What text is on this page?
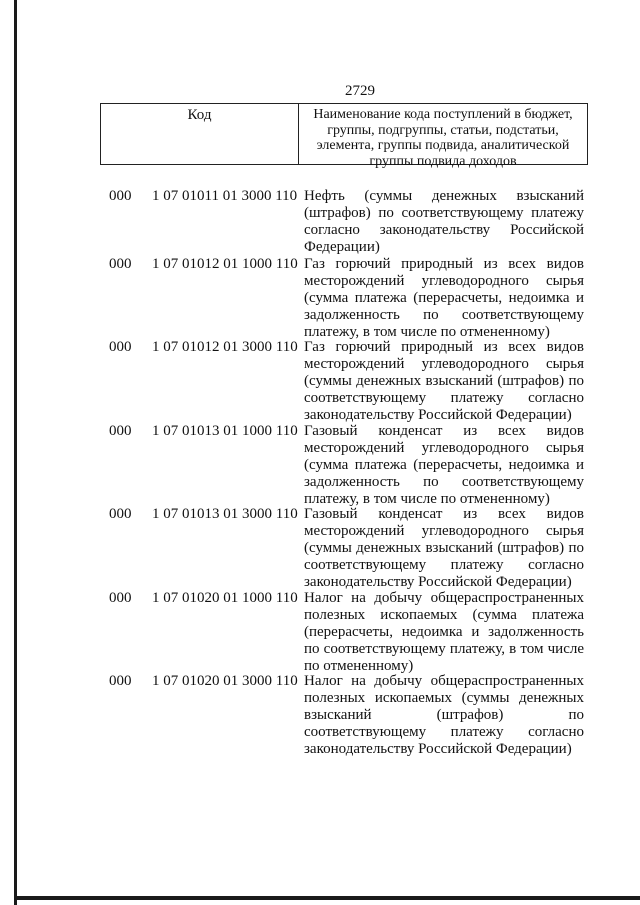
2729
Код	Наименование кода поступлений в бюджет, группы, подгруппы, статьи, подстатьи, элемента, группы подвида, аналитической группы подвида доходов
000 1 07 01011 01 3000 110 Нефть (суммы денежных взысканий (штрафов) по соответствующему платежу согласно законодательству Российской Федерации)
000 1 07 01012 01 1000 110 Газ горючий природный из всех видов месторождений углеводородного сырья (сумма платежа (перерасчеты, недоимка и задолженность по соответствующему платежу, в том числе по отмененному)
000 1 07 01012 01 3000 110 Газ горючий природный из всех видов месторождений углеводородного сырья (суммы денежных взысканий (штрафов) по соответствующему платежу согласно законодательству Российской Федерации)
000 1 07 01013 01 1000 110 Газовый конденсат из всех видов месторождений углеводородного сырья (сумма платежа (перерасчеты, недоимка и задолженность по соответствующему платежу, в том числе по отмененному)
000 1 07 01013 01 3000 110 Газовый конденсат из всех видов месторождений углеводородного сырья (суммы денежных взысканий (штрафов) по соответствующему платежу согласно законодательству Российской Федерации)
000 1 07 01020 01 1000 110 Налог на добычу общераспространенных полезных ископаемых (сумма платежа (перерасчеты, недоимка и задолженность по соответствующему платежу, в том числе по отмененному)
000 1 07 01020 01 3000 110 Налог на добычу общераспространенных полезных ископаемых (суммы денежных взысканий (штрафов) по соответствующему платежу согласно законодательству Российской Федерации)
